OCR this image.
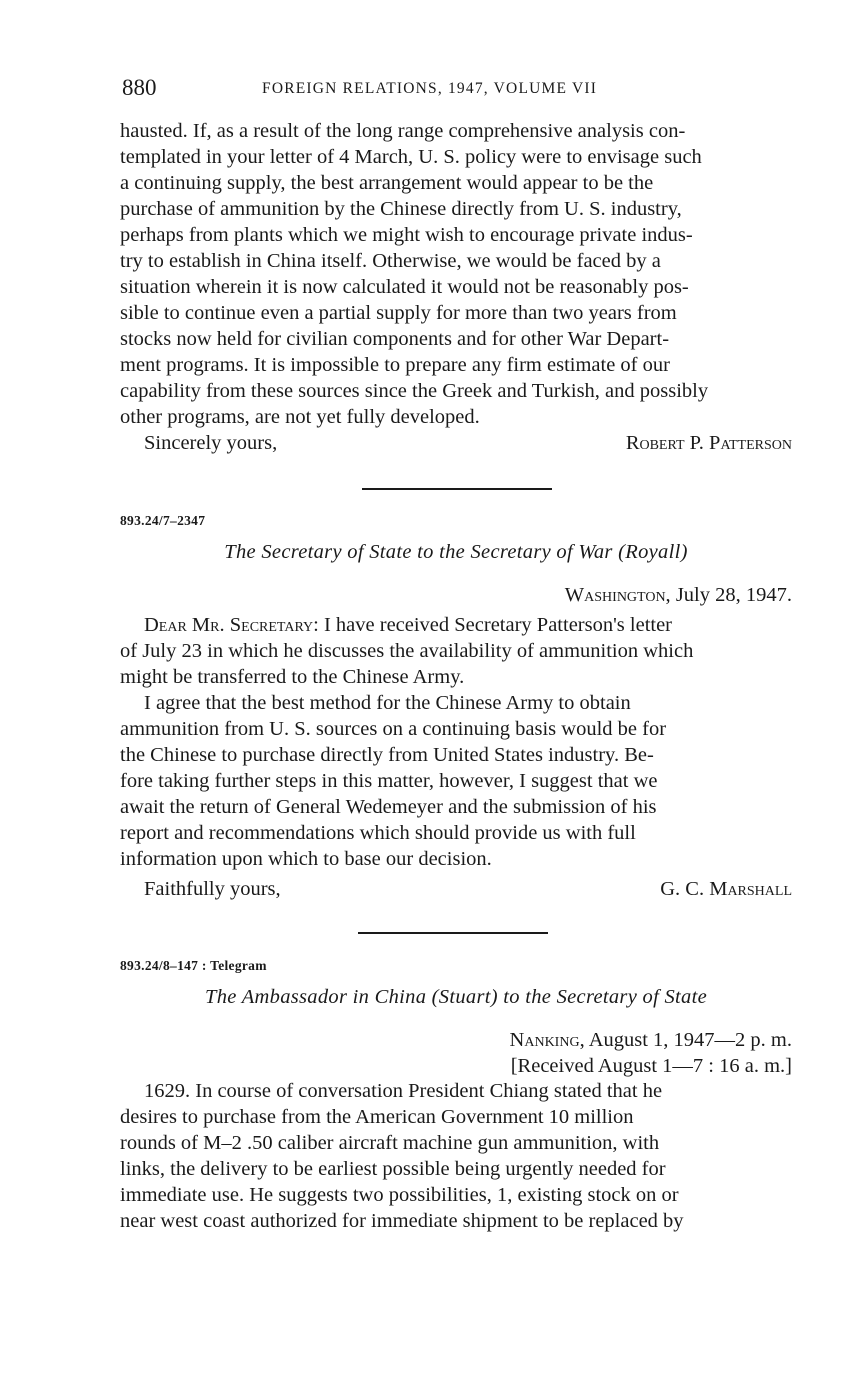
880	FOREIGN RELATIONS, 1947, VOLUME VII

hausted. If, as a result of the long range comprehensive analysis con-

templated in your letter of 4 March, U. S. policy were to envisage such

a continuing supply, the best arrangement would appear to be the

purchase of ammunition by the Chinese directly from U. S. industry,

perhaps from plants which we might wish to encourage private indus-

try to establish in China itself. Otherwise, we would be faced by a

situation wherein it is now calculated it would not be reasonably pos-

sible to continue even a partial supply for more than two years from

stocks now held for civilian components and for other War Depart-

ment programs. It is impossible to prepare any firm estimate of our

capability from these sources since the Greek and Turkish, and possibly

other programs, are not yet fully developed.

Sincerely yours,	Robert P. Patterson
893.24/7–2347
The Secretary of State to the Secretary of War (Royall)
Washington, July 28, 1947.

Dear Mr. Secretary: I have received Secretary Patterson's letter

of July 23 in which he discusses the availability of ammunition which

might be transferred to the Chinese Army.

I agree that the best method for the Chinese Army to obtain

ammunition from U. S. sources on a continuing basis would be for

the Chinese to purchase directly from United States industry. Be-

fore taking further steps in this matter, however, I suggest that we

await the return of General Wedemeyer and the submission of his

report and recommendations which should provide us with full

information upon which to base our decision.

Faithfully yours,	G. C. Marshall
893.24/8–147 : Telegram
The Ambassador in China (Stuart) to the Secretary of State
Nanking, August 1, 1947—2 p. m.
[Received August 1—7 : 16 a. m.]

1629. In course of conversation President Chiang stated that he

desires to purchase from the American Government 10 million

rounds of M–2 .50 caliber aircraft machine gun ammunition, with

links, the delivery to be earliest possible being urgently needed for

immediate use. He suggests two possibilities, 1, existing stock on or

near west coast authorized for immediate shipment to be replaced by
